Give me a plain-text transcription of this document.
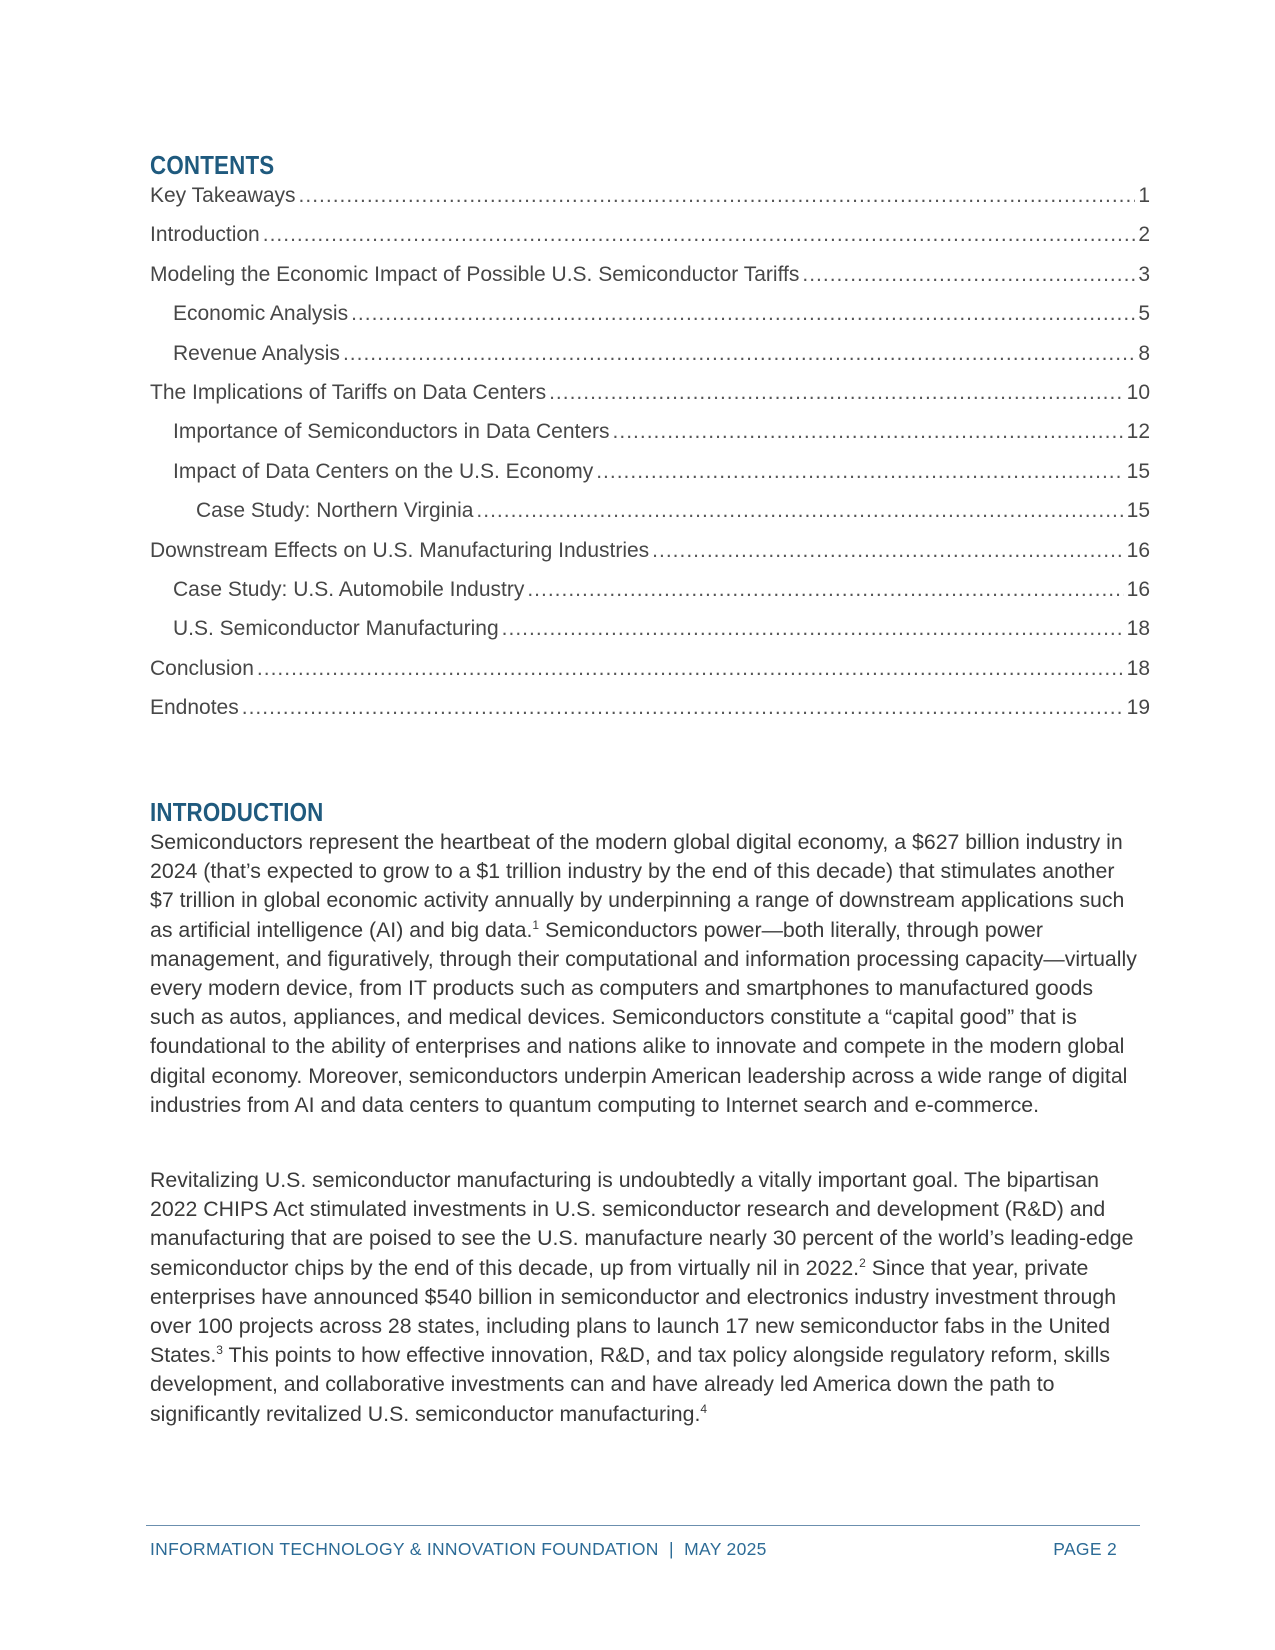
CONTENTS
Key Takeaways .....	1
Introduction .....	2
Modeling the Economic Impact of Possible U.S. Semiconductor Tariffs .....	3
Economic Analysis .....	5
Revenue Analysis .....	8
The Implications of Tariffs on Data Centers .....	10
Importance of Semiconductors in Data Centers .....	12
Impact of Data Centers on the U.S. Economy .....	15
Case Study: Northern Virginia .....	15
Downstream Effects on U.S. Manufacturing Industries .....	16
Case Study: U.S. Automobile Industry .....	16
U.S. Semiconductor Manufacturing .....	18
Conclusion .....	18
Endnotes .....	19
INTRODUCTION

Semiconductors represent the heartbeat of the modern global digital economy, a $627 billion industry in 2024 (that’s expected to grow to a $1 trillion industry by the end of this decade) that stimulates another $7 trillion in global economic activity annually by underpinning a range of downstream applications such as artificial intelligence (AI) and big data.$^1$ Semiconductors power—both literally, through power management, and figuratively, through their computational and information processing capacity—virtually every modern device, from IT products such as computers and smartphones to manufactured goods such as autos, appliances, and medical devices. Semiconductors constitute a “capital good” that is foundational to the ability of enterprises and nations alike to innovate and compete in the modern global digital economy. Moreover, semiconductors underpin American leadership across a wide range of digital industries from AI and data centers to quantum computing to Internet search and e-commerce.

Revitalizing U.S. semiconductor manufacturing is undoubtedly a vitally important goal. The bipartisan 2022 CHIPS Act stimulated investments in U.S. semiconductor research and development (R&D) and manufacturing that are poised to see the U.S. manufacture nearly 30 percent of the world’s leading-edge semiconductor chips by the end of this decade, up from virtually nil in 2022.$^2$ Since that year, private enterprises have announced $540 billion in semiconductor and electronics industry investment through over 100 projects across 28 states, including plans to launch 17 new semiconductor fabs in the United States.$^3$ This points to how effective innovation, R&D, and tax policy alongside regulatory reform, skills development, and collaborative investments can and have already led America down the path to significantly revitalized U.S. semiconductor manufacturing.$^4$

INFORMATION TECHNOLOGY & INNOVATION FOUNDATION  |  MAY 2025	PAGE 2
